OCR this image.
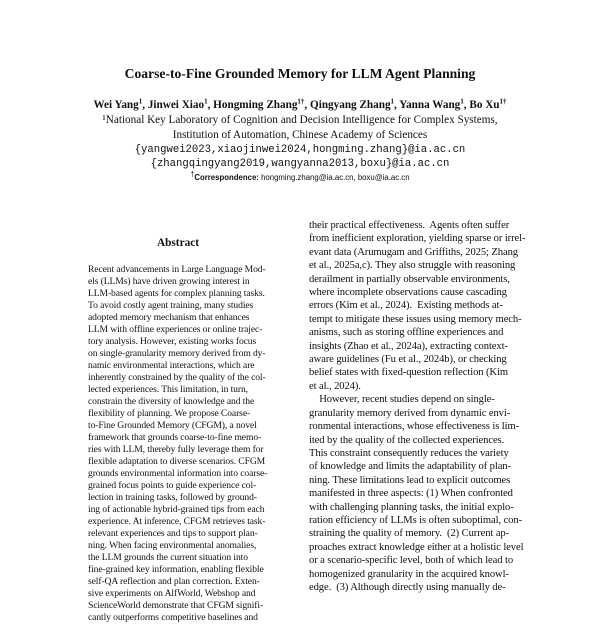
Coarse-to-Fine Grounded Memory for LLM Agent Planning
Wei Yang$^1$, Jinwei Xiao$^1$, Hongming Zhang$^{1\dagger}$, Qingyang Zhang$^1$, Yanna Wang$^1$, Bo $Xu^{1\dagger}$
¹National Key Laboratory of Cognition and Decision Intelligence for Complex Systems,
Institution of Automation, Chinese Academy of Sciences
{yangwei2023,xiaojinwei2024,hongming.zhang}@ia.ac.cn
{zhangqingyang2019,wangyanna2013,boxu}@ia.ac.cn
†Correspondence: hongming.zhang@ia.ac.cn, boxu@ia.ac.cn
Abstract
Recent advancements in Large Language Mod-
els (LLMs) have driven growing interest in
LLM-based agents for complex planning tasks.
To avoid costly agent training, many studies
adopted memory mechanism that enhances
LLM with offline experiences or online trajec-
tory analysis. However, existing works focus
on single-granularity memory derived from dy-
namic environmental interactions, which are
inherently constrained by the quality of the col-
lected experiences. This limitation, in turn,
constrain the diversity of knowledge and the
flexibility of planning. We propose Coarse-
to-Fine Grounded Memory (CFGM), a novel
framework that grounds coarse-to-fine memo-
ries with LLM, thereby fully leverage them for
flexible adaptation to diverse scenarios. CFGM
grounds environmental information into coarse-
grained focus points to guide experience col-
lection in training tasks, followed by ground-
ing of actionable hybrid-grained tips from each
experience. At inference, CFGM retrieves task-
relevant experiences and tips to support plan-
ning. When facing environmental anomalies,
the LLM grounds the current situation into
fine-grained key information, enabling flexible
self-QA reflection and plan correction. Exten-
sive experiments on AlfWorld, Webshop and
ScienceWorld demonstrate that CFGM signifi-
cantly outperforms competitive baselines and
their practical effectiveness.  Agents often suffer
from inefficient exploration, yielding sparse or irrel-
evant data (Arumugam and Griffiths, 2025; Zhang
et al., 2025a,c). They also struggle with reasoning
derailment in partially observable environments,
where incomplete observations cause cascading
errors (Kim et al., 2024).  Existing methods at-
tempt to mitigate these issues using memory mech-
anisms, such as storing offline experiences and
insights (Zhao et al., 2024a), extracting context-
aware guidelines (Fu et al., 2024b), or checking
belief states with fixed-question reflection (Kim
et al., 2024).
However, recent studies depend on single-
granularity memory derived from dynamic envi-
ronmental interactions, whose effectiveness is lim-
ited by the quality of the collected experiences.
This constraint consequently reduces the variety
of knowledge and limits the adaptability of plan-
ning. These limitations lead to explicit outcomes
manifested in three aspects: (1) When confronted
with challenging planning tasks, the initial explo-
ration efficiency of LLMs is often suboptimal, con-
straining the quality of memory.  (2) Current ap-
proaches extract knowledge either at a holistic level
or a scenario-specific level, both of which lead to
homogenized granularity in the acquired knowl-
edge.  (3) Although directly using manually de-
